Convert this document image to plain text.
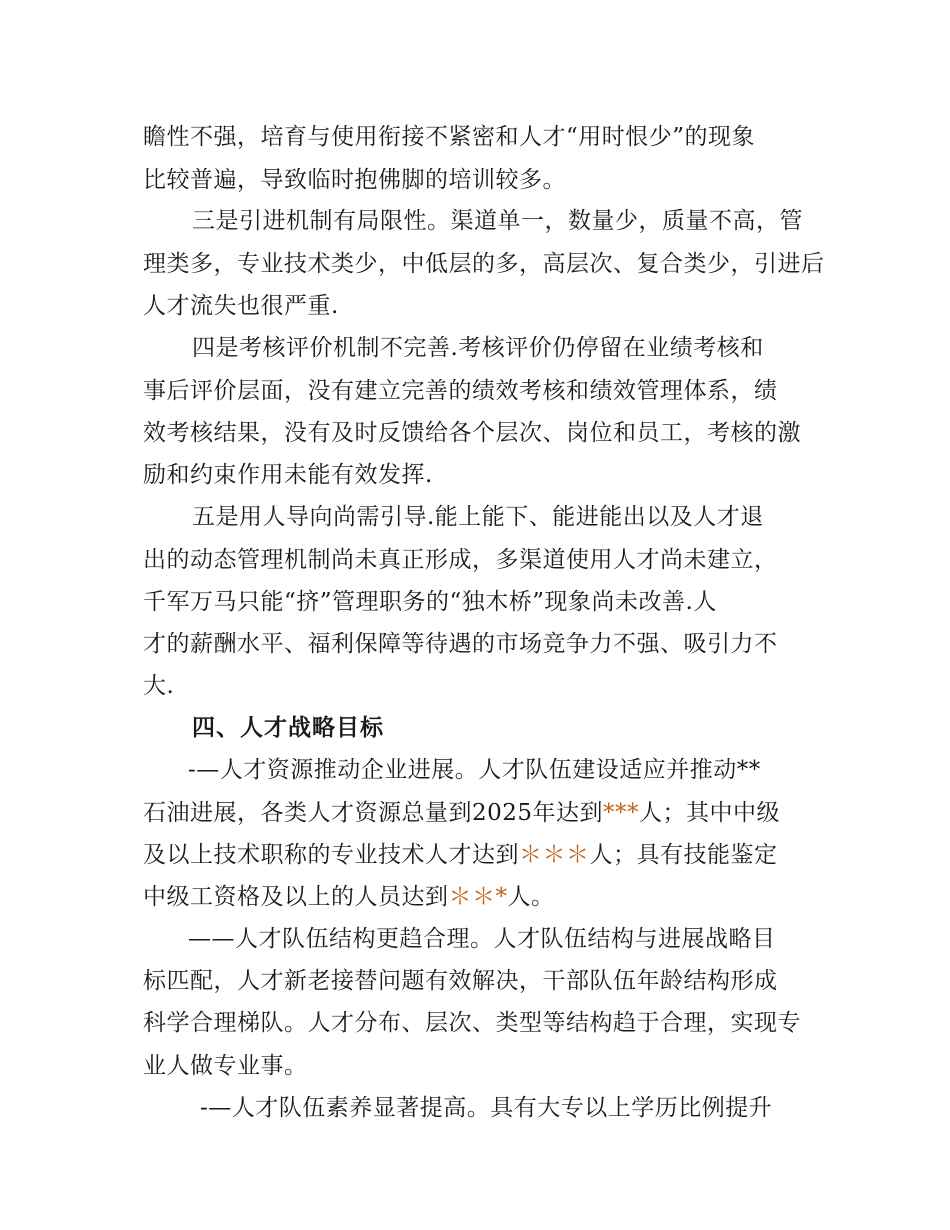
瞻性不强，培育与使用衔接不紧密和人才“用时恨少”的现象
比较普遍，导致临时抱佛脚的培训较多。
三是引进机制有局限性。渠道单一，数量少，质量不高，管
理类多，专业技术类少，中低层的多，高层次、复合类少，引进后
人才流失也很严重.
四是考核评价机制不完善.考核评价仍停留在业绩考核和
事后评价层面，没有建立完善的绩效考核和绩效管理体系，绩
效考核结果，没有及时反馈给各个层次、岗位和员工，考核的激
励和约束作用未能有效发挥.
五是用人导向尚需引导.能上能下、能进能出以及人才退
出的动态管理机制尚未真正形成，多渠道使用人才尚未建立，
千军万马只能“挤”管理职务的“独木桥”现象尚未改善.人
才的薪酬水平、福利保障等待遇的市场竞争力不强、吸引力不
大.
四、人才战略目标
-—人才资源推动企业进展。人才队伍建设适应并推动**
石油进展，各类人才资源总量到2025年达到***人；其中中级
及以上技术职称的专业技术人才达到＊＊＊人；具有技能鉴定
中级工资格及以上的人员达到＊＊*人。
——人才队伍结构更趋合理。人才队伍结构与进展战略目
标匹配，人才新老接替问题有效解决，干部队伍年龄结构形成
科学合理梯队。人才分布、层次、类型等结构趋于合理，实现专
业人做专业事。
-—人才队伍素养显著提高。具有大专以上学历比例提升
